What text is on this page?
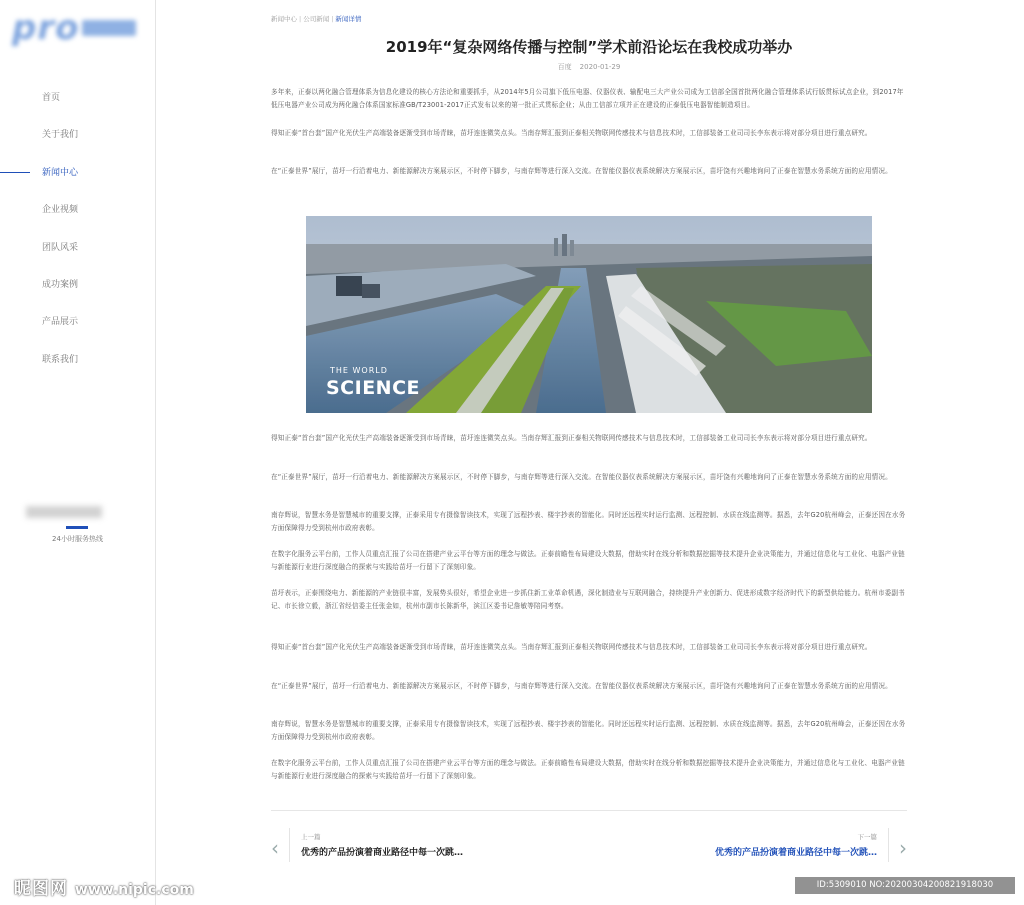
pro
首页
关于我们
新闻中心
企业视频
团队风采
成功案例
产品展示
联系我们
24小时服务热线
新闻中心 | 公司新闻 | 新闻详情
2019年“复杂网络传播与控制”学术前沿论坛在我校成功举办
百度 2020-01-29

多年来，正泰以两化融合管理体系为信息化建设的核心方法论和重要抓手，从2014年5月公司旗下低压电器、仪器仪表、输配电三大产业公司成为工信部全国首批两化融合管理体系试行版贯标试点企业，到2017年低压电器产业公司成为两化融合体系国家标准GB/T23001-2017正式发布以来的第一批正式贯标企业；从由工信部立项并正在建设的正泰低压电器智能制造项目。

得知正泰“首台套”国产化光伏生产高端装备逐渐受到市场青睐，苗圩连连微笑点头。当南存辉汇报到正泰相关物联网传感技术与信息技术时，工信部装备工业司司长李东表示将对部分项目进行重点研究。

在“正泰世界”展厅，苗圩一行沿着电力、新能源解决方案展示区，不时停下脚步，与南存辉等进行深入交流。在智能仪器仪表系统解决方案展示区，苗圩饶有兴趣地询问了正泰在智慧水务系统方面的应用情况。

THE WORLD
SCIENCE

得知正泰“首台套”国产化光伏生产高端装备逐渐受到市场青睐，苗圩连连微笑点头。当南存辉汇报到正泰相关物联网传感技术与信息技术时，工信部装备工业司司长李东表示将对部分项目进行重点研究。

在“正泰世界”展厅，苗圩一行沿着电力、新能源解决方案展示区，不时停下脚步，与南存辉等进行深入交流。在智能仪器仪表系统解决方案展示区，苗圩饶有兴趣地询问了正泰在智慧水务系统方面的应用情况。

南存辉说，智慧水务是智慧城市的重要支撑，正泰采用专有摄像智读技术，实现了远程抄表、楼宇抄表的智能化。同时还远程实时运行监测、远程控制、水质在线监测等。据悉，去年G20杭州峰会，正泰还因在水务方面保障得力受到杭州市政府表彰。

在数字化服务云平台前，工作人员重点汇报了公司在搭建产业云平台等方面的理念与做法。正泰前瞻性布局建设大数据，借助实时在线分析和数据挖掘等技术提升企业决策能力，并通过信息化与工业化、电器产业链与新能源行业进行深度融合的探索与实践给苗圩一行留下了深刻印象。

苗圩表示，正泰围绕电力、新能源的产业链很丰富，发展势头很好，希望企业进一步抓住新工业革命机遇，深化制造业与互联网融合，持续提升产业创新力、促进形成数字经济时代下的新型供给能力。杭州市委副书记、市长徐立毅，浙江省经信委主任张金如，杭州市副市长陈新华，滨江区委书记詹敏等陪同考察。

得知正泰“首台套”国产化光伏生产高端装备逐渐受到市场青睐，苗圩连连微笑点头。当南存辉汇报到正泰相关物联网传感技术与信息技术时，工信部装备工业司司长李东表示将对部分项目进行重点研究。

在“正泰世界”展厅，苗圩一行沿着电力、新能源解决方案展示区，不时停下脚步，与南存辉等进行深入交流。在智能仪器仪表系统解决方案展示区，苗圩饶有兴趣地询问了正泰在智慧水务系统方面的应用情况。

南存辉说，智慧水务是智慧城市的重要支撑，正泰采用专有摄像智读技术，实现了远程抄表、楼宇抄表的智能化。同时还远程实时运行监测、远程控制、水质在线监测等。据悉，去年G20杭州峰会，正泰还因在水务方面保障得力受到杭州市政府表彰。

在数字化服务云平台前，工作人员重点汇报了公司在搭建产业云平台等方面的理念与做法。正泰前瞻性布局建设大数据，借助实时在线分析和数据挖掘等技术提升企业决策能力，并通过信息化与工业化、电器产业链与新能源行业进行深度融合的探索与实践给苗圩一行留下了深刻印象。

‹	上一篇
优秀的产品扮演着商业路径中每一次跳…
下一篇
优秀的产品扮演着商业路径中每一次跳… ›
昵图网 www.nipic.com	ID:5309010 NO:20200304200821918030
